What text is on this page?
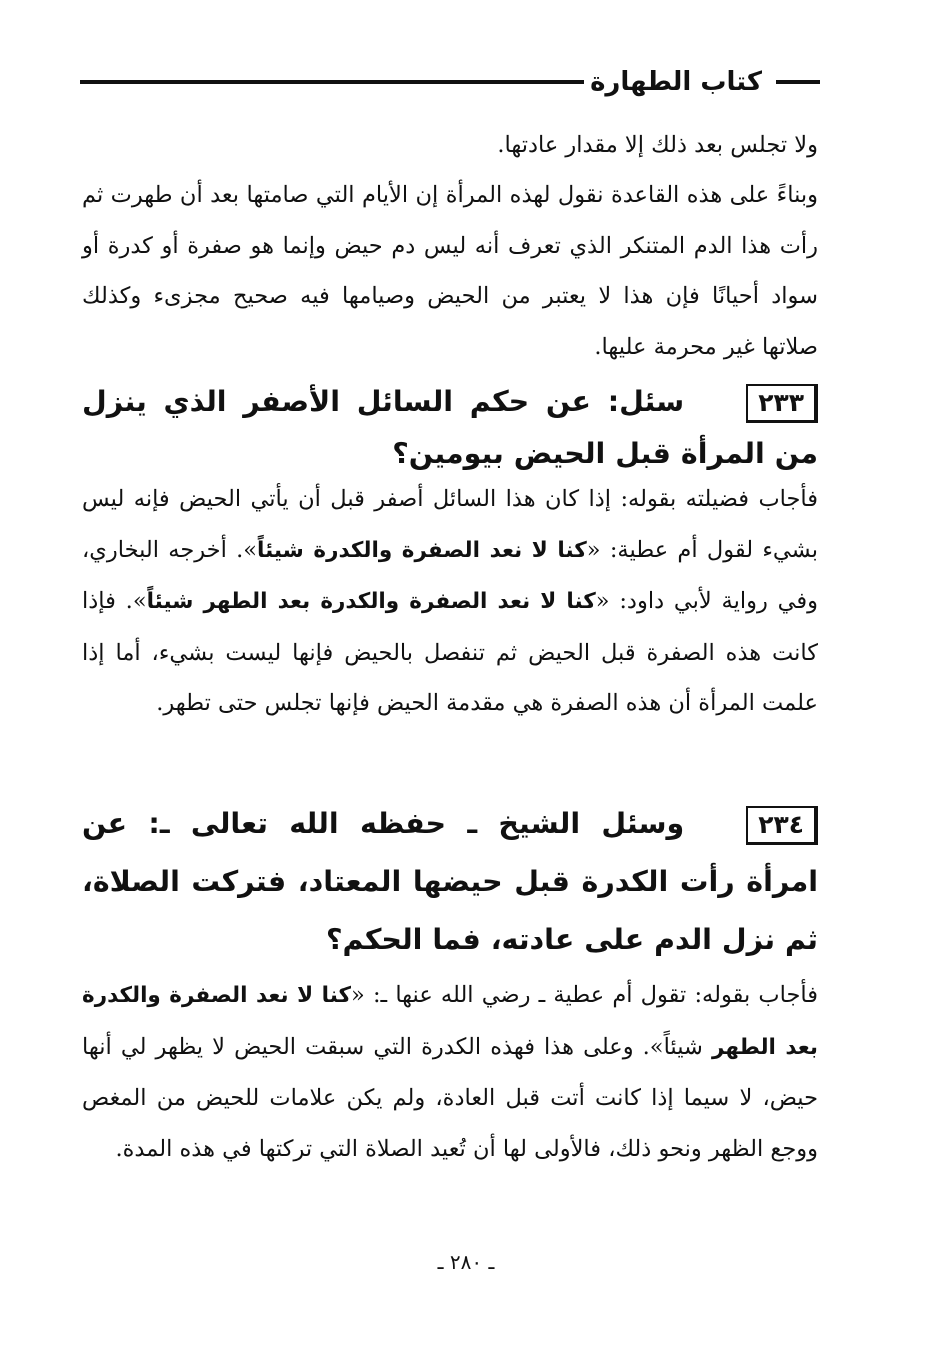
كتاب الطهارة
ولا تجلس بعد ذلك إلا مقدار عادتها.
وبناءً على هذه القاعدة نقول لهذه المرأة إن الأيام التي صامتها بعد أن طهرت ثم رأت هذا الدم المتنكر الذي تعرف أنه ليس دم حيض وإنما هو صفرة أو كدرة أو سواد أحيانًا فإن هذا لا يعتبر من الحيض وصيامها فيه صحيح مجزىء وكذلك صلاتها غير محرمة عليها.
٢٣٣سئل: عن حكم السائل الأصفر الذي ينزل من المرأة قبل الحيض بيومين؟
فأجاب فضيلته بقوله: إذا كان هذا السائل أصفر قبل أن يأتي الحيض فإنه ليس بشيء لقول أم عطية: «كنا لا نعد الصفرة والكدرة شيئاً». أخرجه البخاري، وفي رواية لأبي داود: «كنا لا نعد الصفرة والكدرة بعد الطهر شيئاً». فإذا كانت هذه الصفرة قبل الحيض ثم تنفصل بالحيض فإنها ليست بشيء، أما إذا علمت المرأة أن هذه الصفرة هي مقدمة الحيض فإنها تجلس حتى تطهر.
٢٣٤وسئل الشيخ ـ حفظه الله تعالى ـ: عن امرأة رأت الكدرة قبل حيضها المعتاد، فتركت الصلاة، ثم نزل الدم على عادته، فما الحكم؟
فأجاب بقوله: تقول أم عطية ـ رضي الله عنها ـ: «كنا لا نعد الصفرة والكدرة بعد الطهر شيئاً». وعلى هذا فهذه الكدرة التي سبقت الحيض لا يظهر لي أنها حيض، لا سيما إذا كانت أتت قبل العادة، ولم يكن علامات للحيض من المغص ووجع الظهر ونحو ذلك، فالأولى لها أن تُعيد الصلاة التي تركتها في هذه المدة.
ـ ٢٨٠ ـ
